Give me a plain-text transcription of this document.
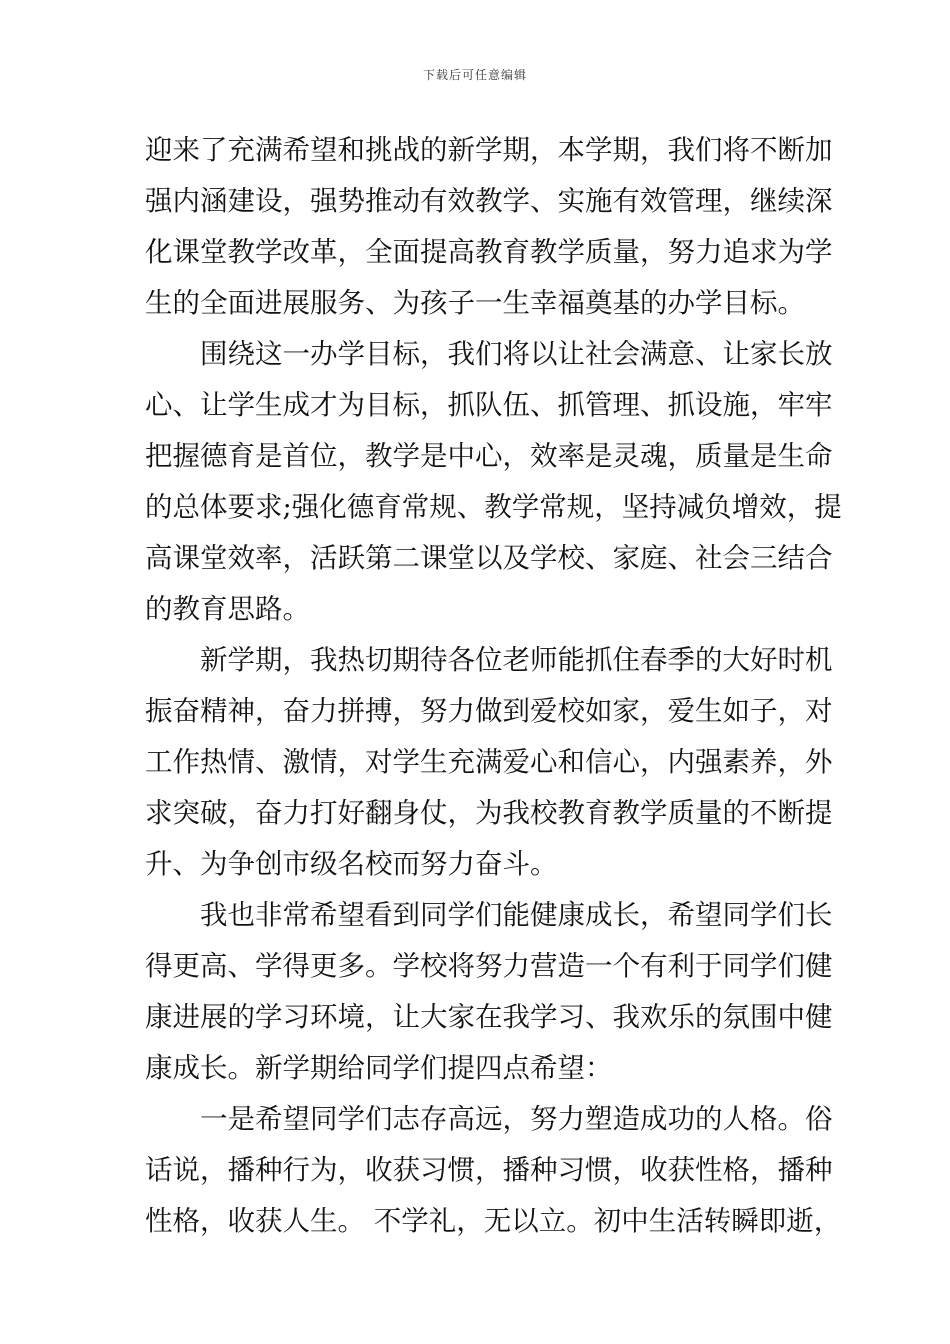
下载后可任意编辑
迎来了充满希望和挑战的新学期，本学期，我们将不断加
强内涵建设，强势推动有效教学、实施有效管理，继续深
化课堂教学改革，全面提高教育教学质量，努力追求为学
生的全面进展服务、为孩子一生幸福奠基的办学目标。
围绕这一办学目标，我们将以让社会满意、让家长放
心、让学生成才为目标，抓队伍、抓管理、抓设施，牢牢
把握德育是首位，教学是中心，效率是灵魂，质量是生命
的总体要求;强化德育常规、教学常规，坚持减负增效，提
高课堂效率，活跃第二课堂以及学校、家庭、社会三结合
的教育思路。
新学期，我热切期待各位老师能抓住春季的大好时机
振奋精神，奋力拼搏，努力做到爱校如家，爱生如子，对
工作热情、激情，对学生充满爱心和信心，内强素养，外
求突破，奋力打好翻身仗，为我校教育教学质量的不断提
升、为争创市级名校而努力奋斗。
我也非常希望看到同学们能健康成长，希望同学们长
得更高、学得更多。学校将努力营造一个有利于同学们健
康进展的学习环境，让大家在我学习、我欢乐的氛围中健
康成长。新学期给同学们提四点希望：
一是希望同学们志存高远，努力塑造成功的人格。俗
话说，播种行为，收获习惯，播种习惯，收获性格，播种
性格，收获人生。 不学礼，无以立。初中生活转瞬即逝，
